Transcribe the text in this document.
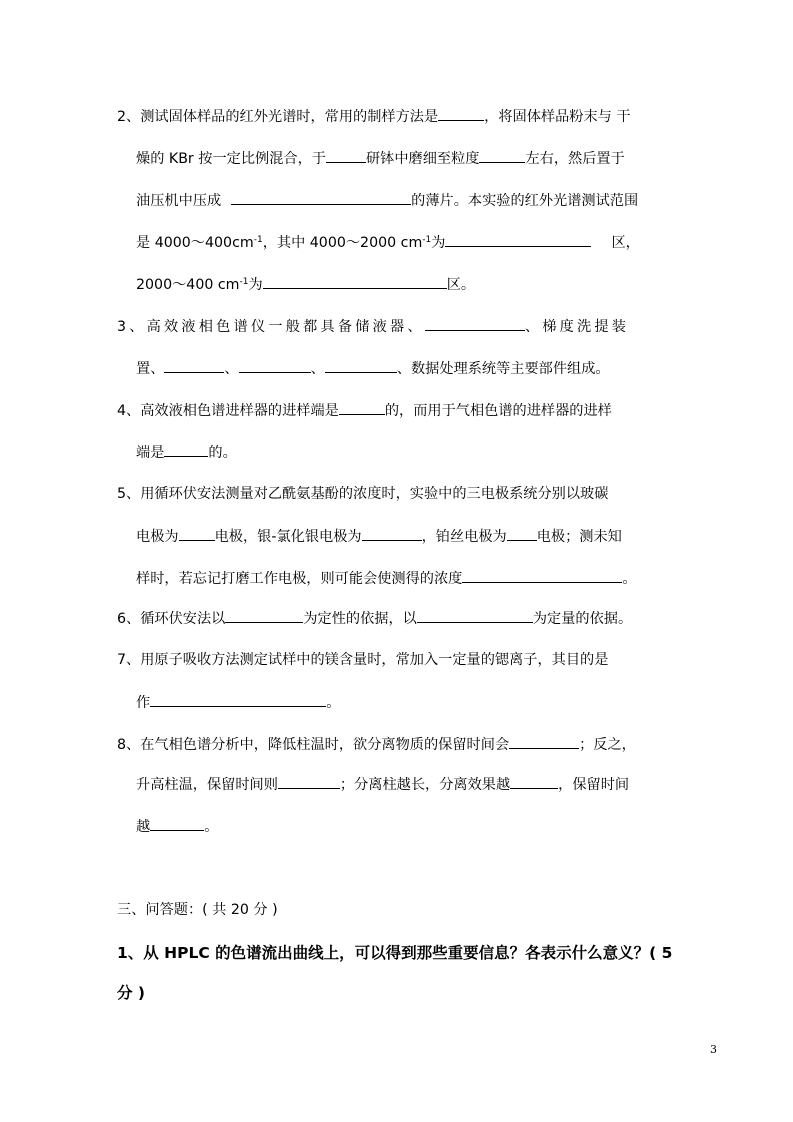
2、测试固体样品的红外光谱时，常用的制样方法是	，将固体样品粉末与 干
燥的 KBr 按一定比例混合，于	研钵中磨细至粒度	左右，然后置于
油压机中压成	的薄片。本实验的红外光谱测试范围
是 $4000\sim 400cm^{-1}$，其中 4000～2000 $cm^{-1}$为	区，
2000～400 $cm^{-1}$为	区。
3、高效液相色谱仪一般都具备储液器、	、梯度洗提装
置、	、	、	、数据处理系统等主要部件组成。
4、高效液相色谱进样器的进样端是	的，而用于气相色谱的进样器的进样
端是	的。
5、用循环伏安法测量对乙酰氨基酚的浓度时，实验中的三电极系统分别以玻碳
电极为	电极，银-氯化银电极为	，铂丝电极为 电极；测未知
样时，若忘记打磨工作电极，则可能会使测得的浓度	。
6、循环伏安法以	为定性的依据，以	为定量的依据。
7、用原子吸收方法测定试样中的镁含量时，常加入一定量的锶离子，其目的是
作	。
8、在气相色谱分析中，降低柱温时，欲分离物质的保留时间会	；反之，
升高柱温，保留时间则	；分离柱越长，分离效果越	，保留时间
越	。
三、问答题：( 共 20 分 )
1、从 HPLC 的色谱流出曲线上，可以得到那些重要信息？各表示什么意义？( 5
分 )
3
